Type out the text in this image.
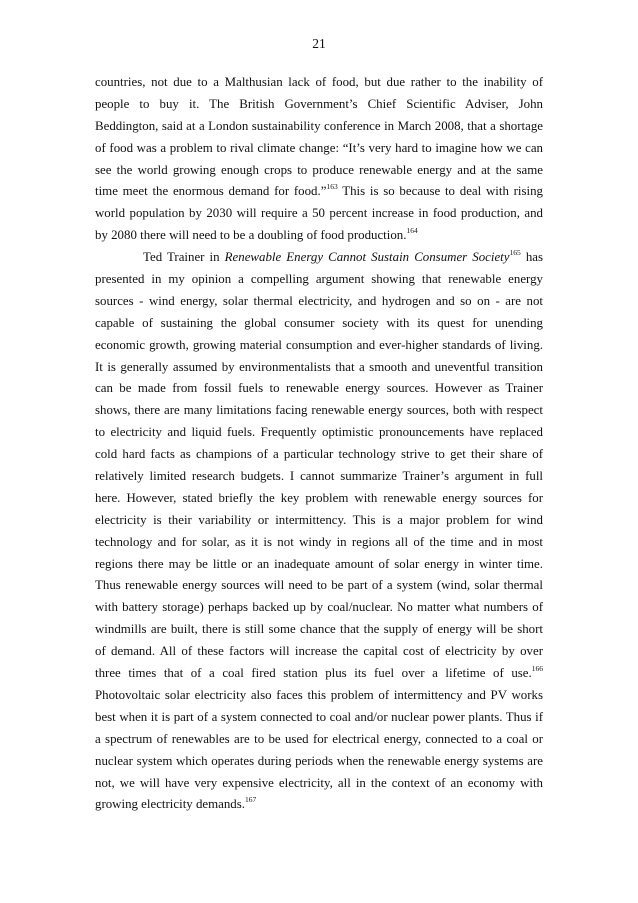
21
countries, not due to a Malthusian lack of food, but due rather to the inability of
people to buy it. The British Government’s Chief Scientific Adviser, John
Beddington, said at a London sustainability conference in March 2008, that a shortage
of food was a problem to rival climate change: “It’s very hard to imagine how we can
see the world growing enough crops to produce renewable energy and at the same
time meet the enormous demand for food.”$^{163}$ This is so because to deal with rising
world population by 2030 will require a 50 percent increase in food production, and
by 2080 there will need to be a doubling of food production.$^{164}$
Ted Trainer in Renewable Energy Cannot Sustain Consumer Society$^{165}$ has
presented in my opinion a compelling argument showing that renewable energy
sources - wind energy, solar thermal electricity, and hydrogen and so on - are not
capable of sustaining the global consumer society with its quest for unending
economic growth, growing material consumption and ever-higher standards of living.
It is generally assumed by environmentalists that a smooth and uneventful transition
can be made from fossil fuels to renewable energy sources. However as Trainer
shows, there are many limitations facing renewable energy sources, both with respect
to electricity and liquid fuels. Frequently optimistic pronouncements have replaced
cold hard facts as champions of a particular technology strive to get their share of
relatively limited research budgets. I cannot summarize Trainer’s argument in full
here. However, stated briefly the key problem with renewable energy sources for
electricity is their variability or intermittency. This is a major problem for wind
technology and for solar, as it is not windy in regions all of the time and in most
regions there may be little or an inadequate amount of solar energy in winter time.
Thus renewable energy sources will need to be part of a system (wind, solar thermal
with battery storage) perhaps backed up by coal/nuclear. No matter what numbers of
windmills are built, there is still some chance that the supply of energy will be short
of demand. All of these factors will increase the capital cost of electricity by over
three times that of a coal fired station plus its fuel over a lifetime of use.$^{166}$
Photovoltaic solar electricity also faces this problem of intermittency and PV works
best when it is part of a system connected to coal and/or nuclear power plants. Thus if
a spectrum of renewables are to be used for electrical energy, connected to a coal or
nuclear system which operates during periods when the renewable energy systems are
not, we will have very expensive electricity, all in the context of an economy with
growing electricity demands.$^{167}$
